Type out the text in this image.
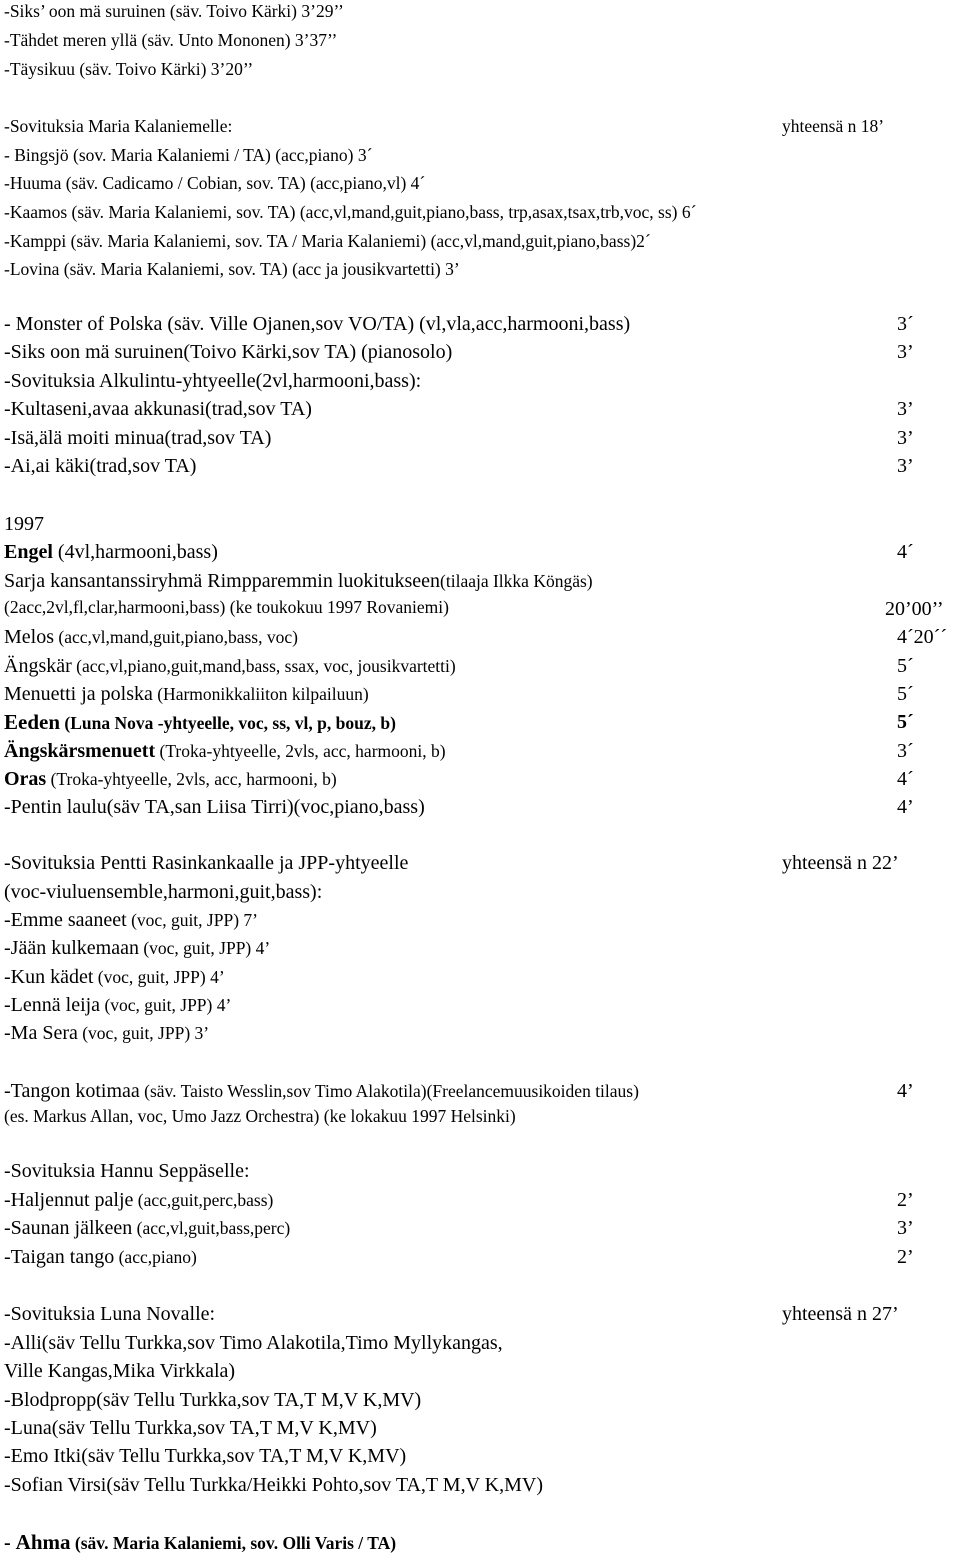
-Siks’ oon mä suruinen (säv. Toivo Kärki) 3’29’’
-Tähdet meren yllä (säv. Unto Mononen) 3’37’’
-Täysikuu (säv. Toivo Kärki) 3’20’’
-Sovituksia Maria Kalaniemelle:	yhteensä n 18’
- Bingsjö (sov. Maria Kalaniemi / TA) (acc,piano) 3´
-Huuma (säv. Cadicamo / Cobian, sov. TA) (acc,piano,vl) 4´
-Kaamos (säv. Maria Kalaniemi, sov. TA) (acc,vl,mand,guit,piano,bass, trp,asax,tsax,trb,voc, ss) 6´
-Kamppi (säv. Maria Kalaniemi, sov. TA / Maria Kalaniemi) (acc,vl,mand,guit,piano,bass)2´
-Lovina (säv. Maria Kalaniemi, sov. TA) (acc ja jousikvartetti) 3’
- Monster of Polska (säv. Ville Ojanen,sov VO/TA) (vl,vla,acc,harmooni,bass)	3´
-Siks oon mä suruinen(Toivo Kärki,sov TA) (pianosolo)	3’
-Sovituksia Alkulintu-yhtyeelle(2vl,harmooni,bass):
-Kultaseni,avaa akkunasi(trad,sov TA)	3’
-Isä,älä moiti minua(trad,sov TA)	3’
-Ai,ai käki(trad,sov TA)	3’
1997
Engel (4vl,harmooni,bass)	4´
Sarja kansantanssiryhmä Rimpparemmin luokitukseen(tilaaja Ilkka Köngäs)
(2acc,2vl,fl,clar,harmooni,bass) (ke toukokuu 1997 Rovaniemi)	20’00’’
Melos (acc,vl,mand,guit,piano,bass, voc)	4´20´´
Ängskär (acc,vl,piano,guit,mand,bass, ssax, voc, jousikvartetti)	5´
Menuetti ja polska (Harmonikkaliiton kilpailuun)	5´
Eeden (Luna Nova -yhtyeelle, voc, ss, vl, p, bouz, b)	5´
Ängskärsmenuett (Troka-yhtyeelle, 2vls, acc, harmooni, b)	3´
Oras (Troka-yhtyeelle, 2vls, acc, harmooni, b)	4´
-Pentin laulu(säv TA,san Liisa Tirri)(voc,piano,bass)	4’
-Sovituksia Pentti Rasinkankaalle ja JPP-yhtyeelle	yhteensä n 22’
(voc-viuluensemble,harmoni,guit,bass):
-Emme saaneet (voc, guit, JPP) 7’
-Jään kulkemaan (voc, guit, JPP) 4’
-Kun kädet (voc, guit, JPP) 4’
-Lennä leija (voc, guit, JPP) 4’
-Ma Sera (voc, guit, JPP) 3’
-Tangon kotimaa (säv. Taisto Wesslin,sov Timo Alakotila)(Freelancemuusikoiden tilaus)	4’
(es. Markus Allan, voc, Umo Jazz Orchestra) (ke lokakuu 1997 Helsinki)
-Sovituksia Hannu Seppäselle:
-Haljennut palje (acc,guit,perc,bass)	2’
-Saunan jälkeen (acc,vl,guit,bass,perc)	3’
-Taigan tango (acc,piano)	2’
-Sovituksia Luna Novalle:	yhteensä n 27’
-Alli(säv Tellu Turkka,sov Timo Alakotila,Timo Myllykangas,
Ville Kangas,Mika Virkkala)
-Blodpropp(säv Tellu Turkka,sov TA,T M,V K,MV)
-Luna(säv Tellu Turkka,sov TA,T M,V K,MV)
-Emo Itki(säv Tellu Turkka,sov TA,T M,V K,MV)
-Sofian Virsi(säv Tellu Turkka/Heikki Pohto,sov TA,T M,V K,MV)
- Ahma (säv. Maria Kalaniemi, sov. Olli Varis / TA)
